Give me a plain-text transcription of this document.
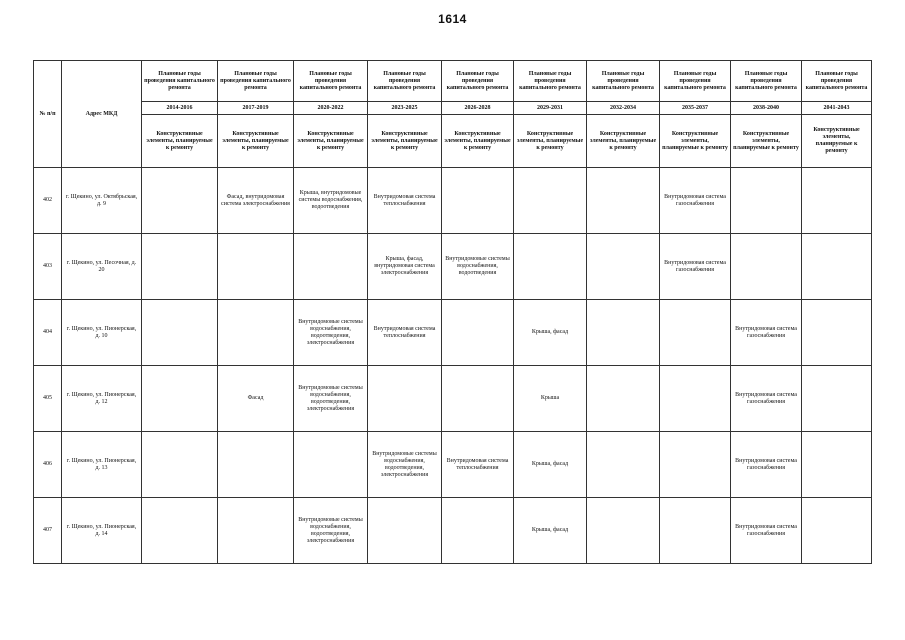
1614
№ п/п	Адрес МКД	Плановые годы проведения капитального ремонта	Плановые годы проведения капитального ремонта	Плановые годы проведения капитального ремонта	Плановые годы проведения капитального ремонта	Плановые годы проведения капитального ремонта	Плановые годы проведения капитального ремонта	Плановые годы проведения капитального ремонта	Плановые годы проведения капитального ремонта	Плановые годы проведения капитального ремонта	Плановые годы проведения капитального ремонта
		2014-2016	2017-2019	2020-2022	2023-2025	2026-2028	2029-2031	2032-2034	2035-2037	2038-2040	2041-2043
		Конструктивные элементы, планируемые к ремонту	Конструктивные элементы, планируемые к ремонту	Конструктивные элементы, планируемые к ремонту	Конструктивные элементы, планируемые к ремонту	Конструктивные элементы, планируемые к ремонту	Конструктивные элементы, планируемые к ремонту	Конструктивные элементы, планируемые к ремонту	Конструктивные элементы, планируемые к ремонту	Конструктивные элементы, планируемые к ремонту	Конструктивные элементы, планируемые к ремонту
402	г. Щекино, ул. Октябрьская, д. 9		Фасад, внутридомовая система электроснабжения	Крыша, внутридомовые системы водоснабжения, водоотведения	Внутридомовая система теплоснабжения				Внутридомовая система газоснабжения		
403	г. Щекино, ул. Песочная, д. 20				Крыша, фасад, внутридомовая система электроснабжения	Внутридомовые системы водоснабжения, водоотведения			Внутридомовая система газоснабжения		
404	г. Щекино, ул. Пионерская, д. 10			Внутридомовые системы водоснабжения, водоотведения, электроснабжения	Внутридомовая система теплоснабжения		Крыша, фасад			Внутридомовая система газоснабжения	
405	г. Щекино, ул. Пионерская, д. 12		Фасад	Внутридомовые системы водоснабжения, водоотведения, электроснабжения			Крыша			Внутридомовая система газоснабжения	
406	г. Щекино, ул. Пионерская, д. 13				Внутридомовые системы водоснабжения, водоотведения, электроснабжения	Внутридомовая система теплоснабжения	Крыша, фасад			Внутридомовая система газоснабжения	
407	г. Щекино, ул. Пионерская, д. 14			Внутридомовые системы водоснабжения, водоотведения, электроснабжения			Крыша, фасад			Внутридомовая система газоснабжения	
